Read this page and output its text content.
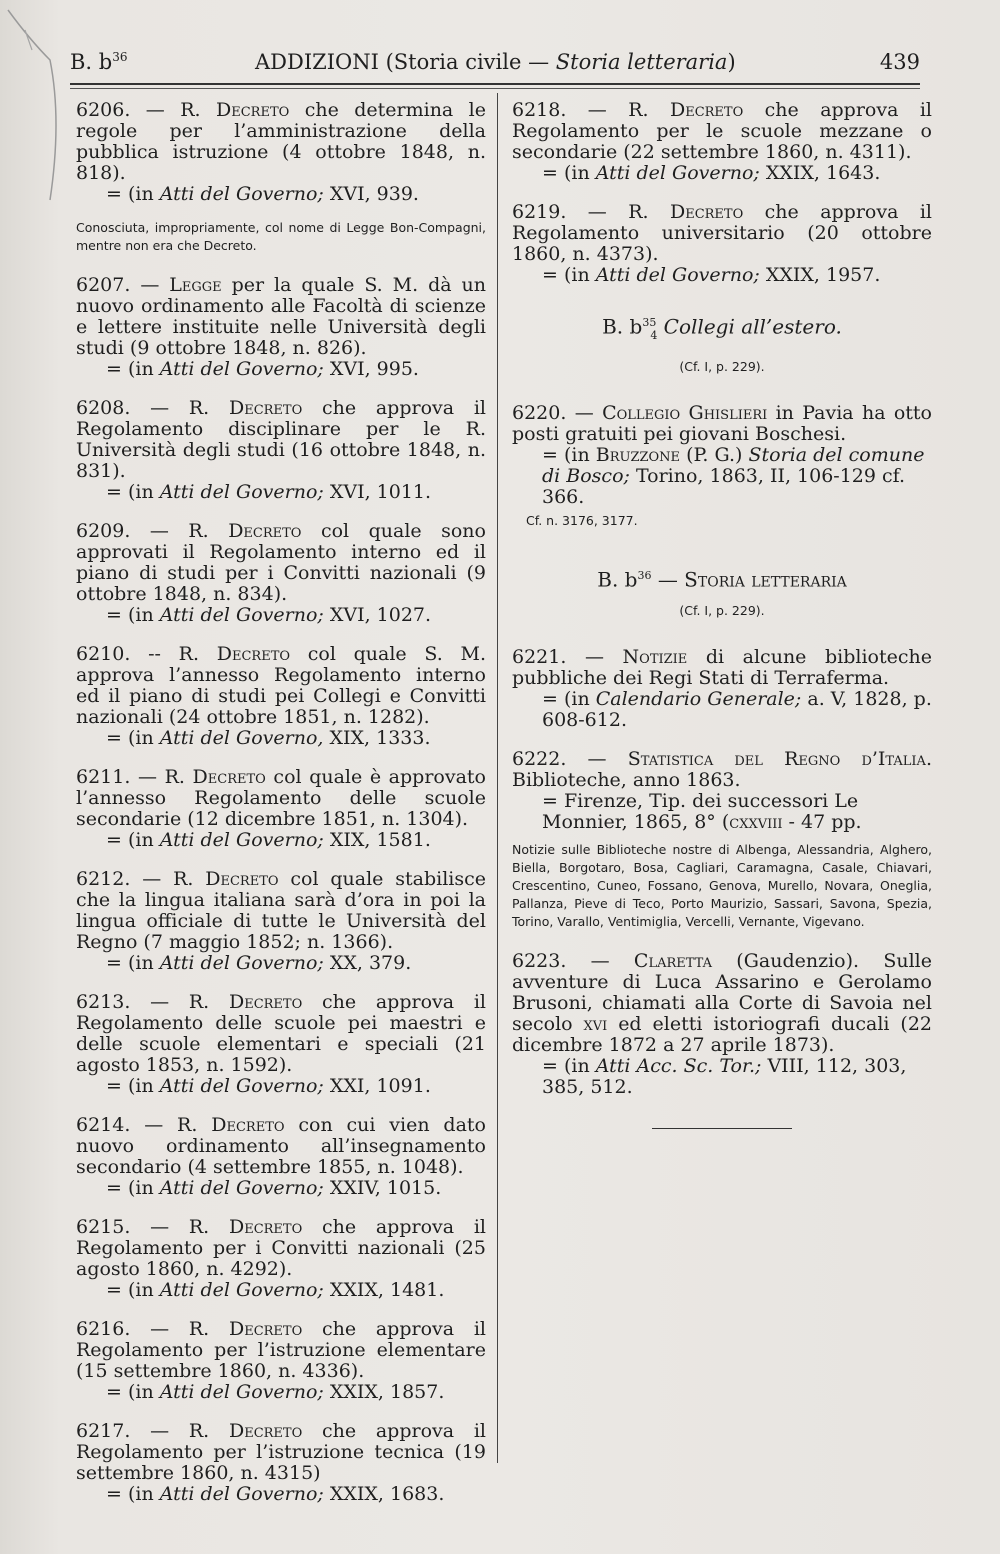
B. $b^{36}$	ADDIZIONI (Storia civile — Storia letteraria)	439
6206. — R. Decreto che determina le regole per l’amministrazione della pubblica istruzione (4 ottobre 1848, n. 818).
= (in Atti del Governo; XVI, 939.
Conosciuta, impropriamente, col nome di Legge Bon-Compagni, mentre non era che Decreto.
6207. — Legge per la quale S. M. dà un nuovo ordinamento alle Facoltà di scienze e lettere instituite nelle Università degli studi (9 ottobre 1848, n. 826).
= (in Atti del Governo; XVI, 995.
6208. — R. Decreto che approva il Regolamento disciplinare per le R. Università degli studi (16 ottobre 1848, n. 831).
= (in Atti del Governo; XVI, 1011.
6209. — R. Decreto col quale sono approvati il Regolamento interno ed il piano di studi per i Convitti nazionali (9 ottobre 1848, n. 834).
= (in Atti del Governo; XVI, 1027.
6210. -- R. Decreto col quale S. M. approva l’annesso Regolamento interno ed il piano di studi pei Collegi e Convitti nazionali (24 ottobre 1851, n. 1282).
= (in Atti del Governo, XIX, 1333.
6211. — R. Decreto col quale è approvato l’annesso Regolamento delle scuole secondarie (12 dicembre 1851, n. 1304).
= (in Atti del Governo; XIX, 1581.
6212. — R. Decreto col quale stabilisce che la lingua italiana sarà d’ora in poi la lingua officiale di tutte le Università del Regno (7 maggio 1852; n. 1366).
= (in Atti del Governo; XX, 379.
6213. — R. Decreto che approva il Regolamento delle scuole pei maestri e delle scuole elementari e speciali (21 agosto 1853, n. 1592).
= (in Atti del Governo; XXI, 1091.
6214. — R. Decreto con cui vien dato nuovo ordinamento all’insegnamento secondario (4 settembre 1855, n. 1048).
= (in Atti del Governo; XXIV, 1015.
6215. — R. Decreto che approva il Regolamento per i Convitti nazionali (25 agosto 1860, n. 4292).
= (in Atti del Governo; XXIX, 1481.
6216. — R. Decreto che approva il Regolamento per l’istruzione elementare (15 settembre 1860, n. 4336).
= (in Atti del Governo; XXIX, 1857.
6217. — R. Decreto che approva il Regolamento per l’istruzione tecnica (19 settembre 1860, n. 4315)
= (in Atti del Governo; XXIX, 1683.
6218. — R. Decreto che approva il Regolamento per le scuole mezzane o secondarie (22 settembre 1860, n. 4311).
= (in Atti del Governo; XXIX, 1643.
6219. — R. Decreto che approva il Regolamento universitario (20 ottobre 1860, n. 4373).
= (in Atti del Governo; XXIX, 1957.
B. $b^{35}_4$ Collegi all’estero.
(Cf. I, p. 229).
6220. — Collegio Ghislieri in Pavia ha otto posti gratuiti pei giovani Boschesi.
= (in Bruzzone (P. G.) Storia del comune di Bosco; Torino, 1863, II, 106-129 cf. 366.
Cf. n. 3176, 3177.
B. $b^{36}$ — Storia letteraria
(Cf. I, p. 229).
6221. — Notizie di alcune biblioteche pubbliche dei Regi Stati di Terraferma.
= (in Calendario Generale; a. V, 1828, p. 608-612.
6222. — Statistica del Regno d’Italia. Biblioteche, anno 1863.
= Firenze, Tip. dei successori Le Monnier, 1865, 8° (cxxviii - 47 pp.
Notizie sulle Biblioteche nostre di Albenga, Alessandria, Alghero, Biella, Borgotaro, Bosa, Cagliari, Caramagna, Casale, Chiavari, Crescentino, Cuneo, Fossano, Genova, Murello, Novara, Oneglia, Pallanza, Pieve di Teco, Porto Maurizio, Sassari, Savona, Spezia, Torino, Varallo, Ventimiglia, Vercelli, Vernante, Vigevano.
6223. — Claretta (Gaudenzio). Sulle avventure di Luca Assarino e Gerolamo Brusoni, chiamati alla Corte di Savoia nel secolo xvi ed eletti istoriografi ducali (22 dicembre 1872 a 27 aprile 1873).
= (in Atti Acc. Sc. Tor.; VIII, 112, 303, 385, 512.
